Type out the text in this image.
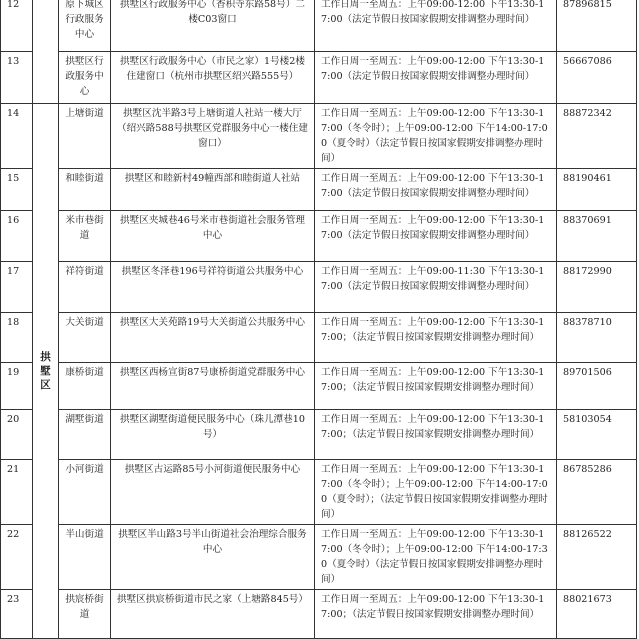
12		原下城区行政服务中心	拱墅区行政服务中心（香积寺东路58号）二楼C03窗口	工作日周一至周五：上午09:00-12:00 下午13:30-17:00（法定节假日按国家假期安排调整办理时间）	87896815
13		拱墅区行政服务中心	拱墅区行政服务中心（市民之家）1号楼2楼住建窗口（杭州市拱墅区绍兴路555号）	工作日周一至周五：上午09:00-12:00 下午13:30-17:00（法定节假日按国家假期安排调整办理时间）	56667086
14	拱墅区	上塘街道	拱墅区沈半路3号上塘街道人社站一楼大厅（绍兴路588号拱墅区党群服务中心一楼住建窗口）	工作日周一至周五：上午09:00-12:00 下午13:30-17:00（冬令时）；上午09:00-12:00 下午14:00-17:00（夏令时）（法定节假日按国家假期安排调整办理时间）	88872342
15		和睦街道	拱墅区和睦新村49幢西部和睦街道人社站	工作日周一至周五：上午09:00-12:00 下午13:30-17:00（法定节假日按国家假期安排调整办理时间）	88190461
16		米市巷街道	拱墅区夹城巷46号米市巷街道社会服务管理中心	工作日周一至周五：上午09:00-12:00 下午13:30-17:00（法定节假日按国家假期安排调整办理时间）	88370691
17		祥符街道	拱墅区冬泽巷196号祥符街道公共服务中心	工作日周一至周五：上午09:00-11:30 下午13:30-17:00（法定节假日按国家假期安排调整办理时间）	88172990
18		大关街道	拱墅区大关苑路19号大关街道公共服务中心	工作日周一至周五：上午09:00-12:00 下午13:30-17:00；（法定节假日按国家假期安排调整办理时间）	88378710
19		康桥街道	拱墅区西杨宣街87号康桥街道党群服务中心	工作日周一至周五：上午09:00-12:00 下午13:30-17:00；（法定节假日按国家假期安排调整办理时间）	89701506
20		湖墅街道	拱墅区湖墅街道便民服务中心（珠儿潭巷10号）	工作日周一至周五：上午09:00-12:00 下午13:30-17:00；（法定节假日按国家假期安排调整办理时间）	58103054
21		小河街道	拱墅区古运路85号小河街道便民服务中心	工作日周一至周五：上午09:00-12:00 下午13:30-17:00（冬令时）；上午09:00-12:00 下午14:00-17:00（夏令时）；（法定节假日按国家假期安排调整办理时间）	86785286
22		半山街道	拱墅区半山路3号半山街道社会治理综合服务中心	工作日周一至周五：上午09:00-12:00 下午13:30-17:00（冬令时）；上午09:00-12:00 下午14:00-17:30（夏令时）（法定节假日按国家假期安排调整办理时间）	88126522
23		拱宸桥街道	拱墅区拱宸桥街道市民之家（上塘路845号）	工作日周一至周五：上午09:00-12:00 下午13:30-17:00；（法定节假日按国家假期安排调整办理时间）	88021673
